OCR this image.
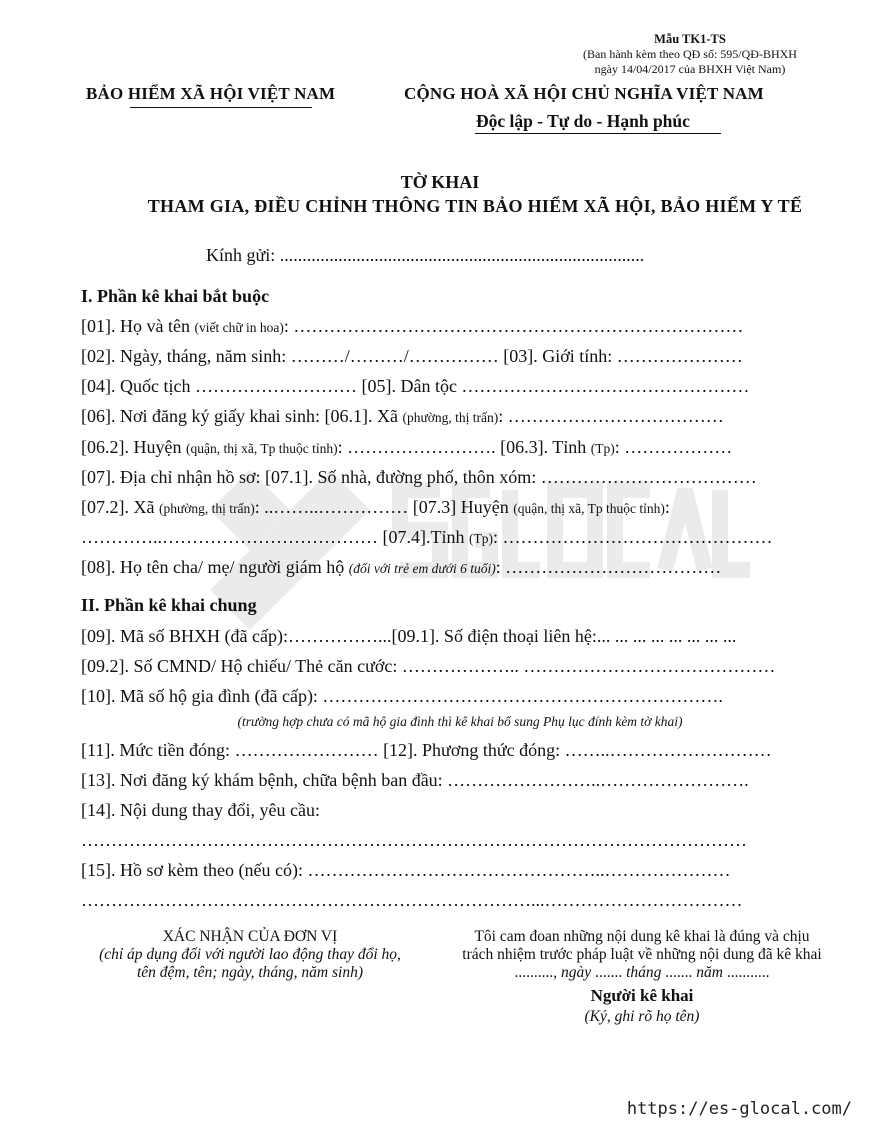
Mẫu TK1-TS
(Ban hành kèm theo QĐ số: 595/QĐ-BHXH
ngày 14/04/2017 của BHXH Việt Nam)
BẢO HIỂM XÃ HỘI VIỆT NAM	CỘNG HOÀ XÃ HỘI CHỦ NGHĨA VIỆT NAM
Độc lập - Tự do - Hạnh phúc
TỜ KHAI
THAM GIA, ĐIỀU CHỈNH THÔNG TIN BẢO HIỂM XÃ HỘI, BẢO HIỂM Y TẾ
Kính gửi: .................................................................................
I. Phần kê khai bắt buộc
[01]. Họ và tên (viết chữ in hoa): …………………………………………………………………
[02]. Ngày, tháng, năm sinh: ………/………/…………… [03]. Giới tính: …………………
[04]. Quốc tịch ……………………… [05]. Dân tộc …………………………………………
[06]. Nơi đăng ký giấy khai sinh: [06.1]. Xã (phường, thị trấn): ………………………………
[06.2]. Huyện (quận, thị xã, Tp thuộc tỉnh): ……………………. [06.3]. Tỉnh (Tp): ………………
[07]. Địa chỉ nhận hồ sơ: [07.1]. Số nhà, đường phố, thôn xóm: ………………………………
[07.2]. Xã (phường, thị trấn): ..……..…………… [07.3] Huyện (quận, thị xã, Tp thuộc tỉnh):
…………..……………………………… [07.4].Tỉnh (Tp): ………………………………………
[08]. Họ tên cha/ mẹ/ người giám hộ (đối với trẻ em dưới 6 tuổi): ………………………………
II. Phần kê khai chung
[09]. Mã số BHXH (đã cấp):……………...[09.1]. Số điện thoại liên hệ:... ... ... ... ... ... ... ...
[09.2]. Số CMND/ Hộ chiếu/ Thẻ căn cước: ……………….. ……………………………………
[10]. Mã số hộ gia đình (đã cấp): ………………………………………………………….
(trường hợp chưa có mã hộ gia đình thì kê khai bổ sung Phụ lục đính kèm tờ khai)
[11]. Mức tiền đóng: …………………… [12]. Phương thức đóng: ……..………………………
[13]. Nơi đăng ký khám bệnh, chữa bệnh ban đầu: ……………………..…………………….
[14]. Nội dung thay đổi, yêu cầu:
…………………………………………………………………………………………………
[15]. Hồ sơ kèm theo (nếu có): …………………………………………..…………………
…………………………………………………………………...……………………………
XÁC NHẬN CỦA ĐƠN VỊ
(chỉ áp dụng đối với người lao động thay đổi họ,
tên đệm, tên; ngày, tháng, năm sinh)
Tôi cam đoan những nội dung kê khai là đúng và chịu
trách nhiệm trước pháp luật về những nội dung đã kê khai
.........., ngày ....... tháng ....... năm ...........
Người kê khai
(Ký, ghi rõ họ tên)
https://es-glocal.com/
